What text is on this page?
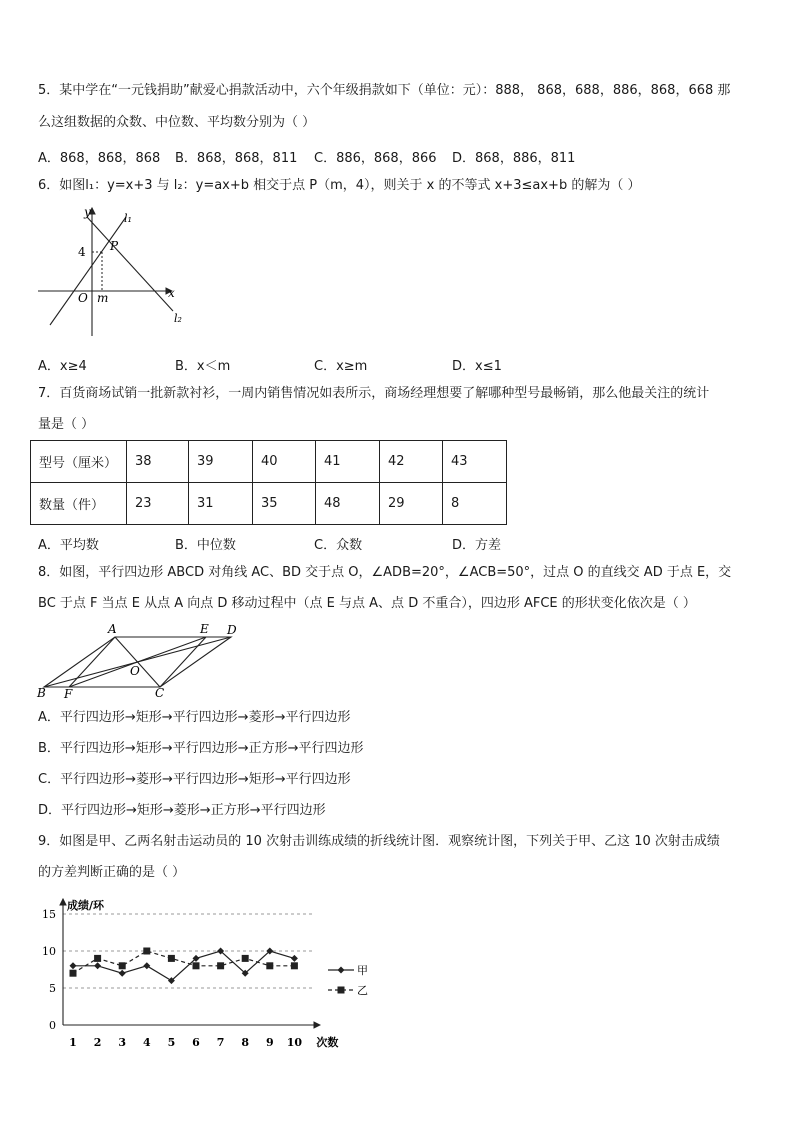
5．某中学在“一元钱捐助”献爱心捐款活动中，六个年级捐款如下（单位：元）：888， 868，688，886，868，668 那
么这组数据的众数、中位数、平均数分别为（ ）
A．868，868，868 B．868，868，811 C．886，868，866 D．868，886，811
6．如图l₁：y=x+3 与 l₂：y=ax+b 相交于点 P（m，4），则关于 x 的不等式 x+3≤ax+b 的解为（ ）
y
x
O
4
m
P
l₁
l₂
A．x≥4	B．x＜m	C．x≥m	D．x≤1
7．百货商场试销一批新款衬衫，一周内销售情况如表所示，商场经理想要了解哪种型号最畅销，那么他最关注的统计
量是（ ）
型号（厘米）	38	39	40	41	42	43
数量（件）	23	31	35	48	29	8
A．平均数	B．中位数	C．众数	D．方差
8．如图，平行四边形 ABCD 对角线 AC、BD 交于点 O，∠ADB=20°，∠ACB=50°，过点 O 的直线交 AD 于点 E，交
BC 于点 F 当点 E 从点 A 向点 D 移动过程中（点 E 与点 A、点 D 不重合），四边形 AFCE 的形状变化依次是（ ）
A
B	C
D
E
F
O
A．平行四边形→矩形→平行四边形→菱形→平行四边形
B．平行四边形→矩形→平行四边形→正方形→平行四边形
C．平行四边形→菱形→平行四边形→矩形→平行四边形
D．平行四边形→矩形→菱形→正方形→平行四边形
9．如图是甲、乙两名射击运动员的 10 次射击训练成绩的折线统计图．观察统计图，下列关于甲、乙这 10 次射击成绩
的方差判断正确的是（ ）
成绩/环
次数
0
5
10
15
1 2 3 4 5 6 7 8 9 10
甲
乙
